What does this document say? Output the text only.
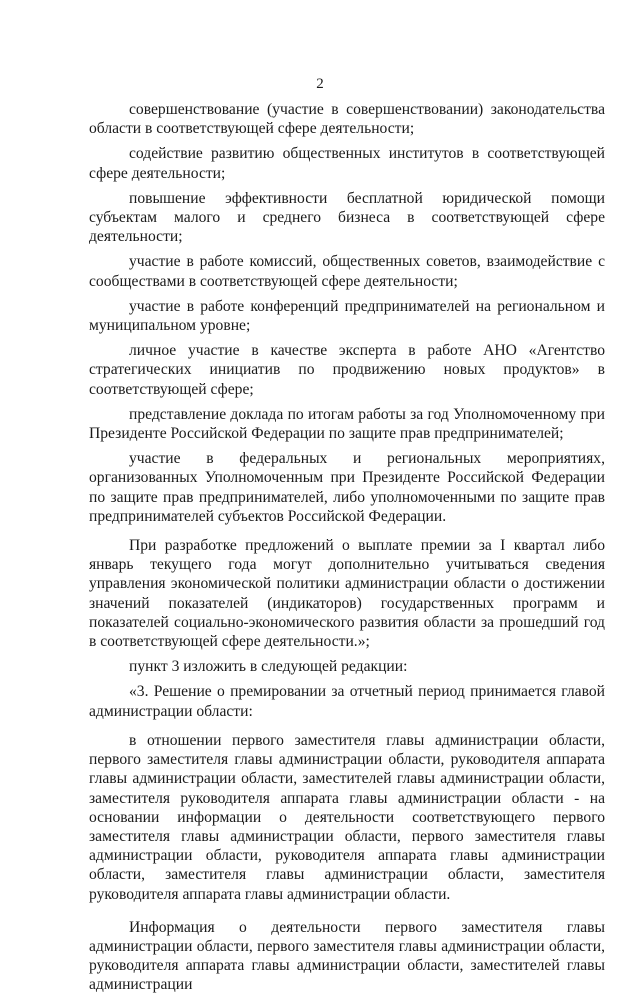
2

совершенствование (участие в совершенствовании) законодательства области в соответствующей сфере деятельности;

содействие развитию общественных институтов в соответствующей сфере деятельности;

повышение эффективности бесплатной юридической помощи субъектам малого и среднего бизнеса в соответствующей сфере деятельности;

участие в работе комиссий, общественных советов, взаимодействие с сообществами в соответствующей сфере деятельности;

участие в работе конференций предпринимателей на региональном и муниципальном уровне;

личное участие в качестве эксперта в работе АНО «Агентство стратегических инициатив по продвижению новых продуктов» в соответствующей сфере;

представление доклада по итогам работы за год Уполномоченному при Президенте Российской Федерации по защите прав предпринимателей;

участие в федеральных и региональных мероприятиях, организованных Уполномоченным при Президенте Российской Федерации по защите прав предпринимателей, либо уполномоченными по защите прав предпринимателей субъектов Российской Федерации.

При разработке предложений о выплате премии за I квартал либо январь текущего года могут дополнительно учитываться сведения управления экономической политики администрации области о достижении значений показателей (индикаторов) государственных программ и показателей социально-экономического развития области за прошедший год в соответствующей сфере деятельности.»;

пункт 3 изложить в следующей редакции:

«3. Решение о премировании за отчетный период принимается главой администрации области:

в отношении первого заместителя главы администрации области, первого заместителя главы администрации области, руководителя аппарата главы администрации области, заместителей главы администрации области, заместителя руководителя аппарата главы администрации области - на основании информации о деятельности соответствующего первого заместителя главы администрации области, первого заместителя главы администрации области, руководителя аппарата главы администрации области, заместителя главы администрации области, заместителя руководителя аппарата главы администрации области.

Информация о деятельности первого заместителя главы администрации области, первого заместителя главы администрации области, руководителя аппарата главы администрации области, заместителей главы администрации
